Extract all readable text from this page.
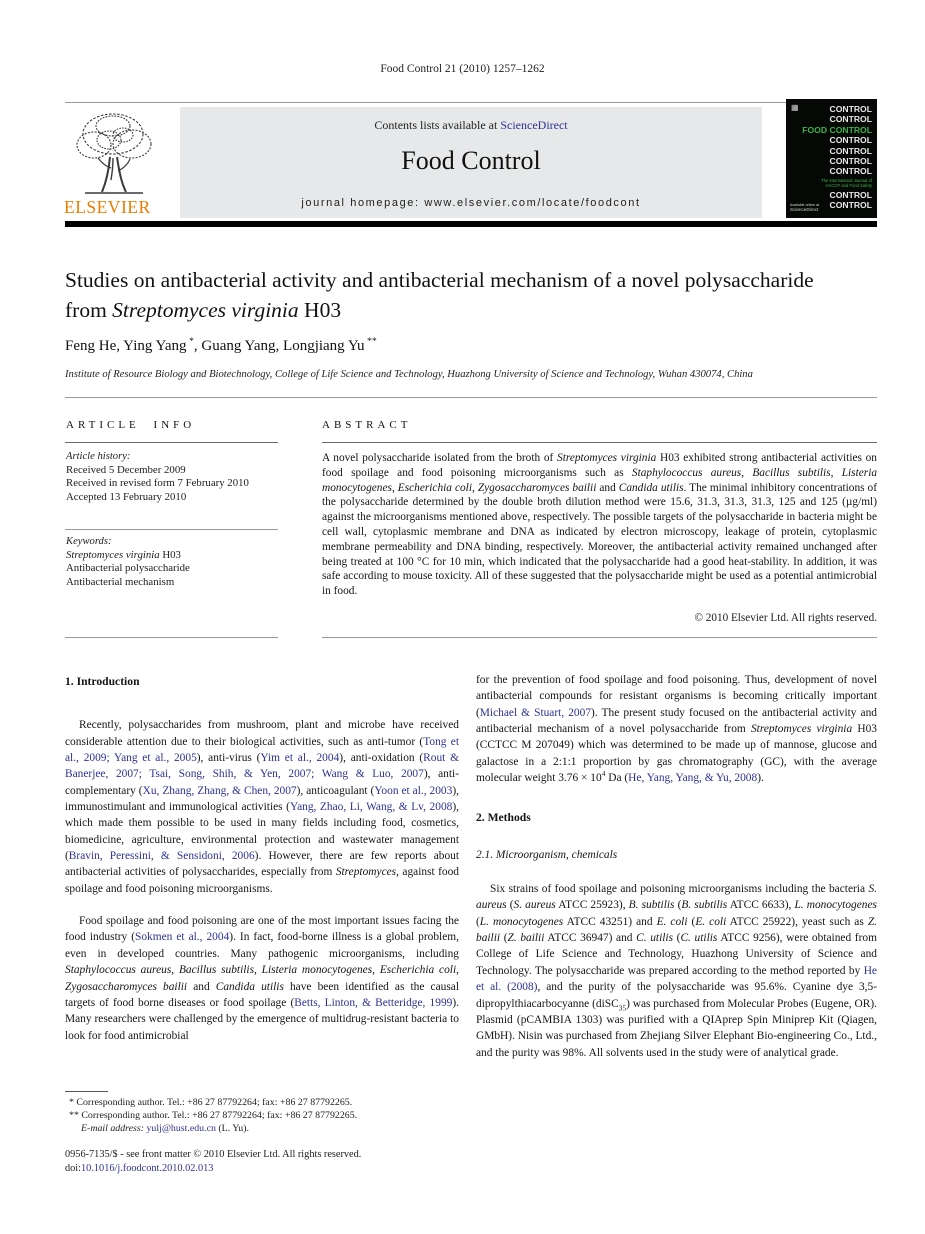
Food Control 21 (2010) 1257–1262
ELSEVIER
Contents lists available at ScienceDirect
Food Control
journal homepage: www.elsevier.com/locate/foodcont
▦	CONTROL
CONTROL
FOOD CONTROL
CONTROL
CONTROL
CONTROL
CONTROL
The International Journal of HACCP and Food Safety
CONTROL
CONTROL
Available online at
ScienceDirect
Studies on antibacterial activity and antibacterial mechanism of a novel polysaccharide from Streptomyces virginia H03
Feng He, Ying Yang *, Guang Yang, Longjiang Yu **
Institute of Resource Biology and Biotechnology, College of Life Science and Technology, Huazhong University of Science and Technology, Wuhan 430074, China
ARTICLE INFO	ABSTRACT
Article history:
Received 5 December 2009
Received in revised form 7 February 2010
Accepted 13 February 2010
Keywords:
Streptomyces virginia H03
Antibacterial polysaccharide
Antibacterial mechanism
A novel polysaccharide isolated from the broth of Streptomyces virginia H03 exhibited strong antibacterial activities on food spoilage and food poisoning microorganisms such as Staphylococcus aureus, Bacillus subtilis, Listeria monocytogenes, Escherichia coli, Zygosaccharomyces bailii and Candida utilis. The minimal inhibitory concentrations of the polysaccharide determined by the double broth dilution method were 15.6, 31.3, 31.3, 31.3, 125 and 125 (µg/ml) against the microorganisms mentioned above, respectively. The possible targets of the polysaccharide in bacteria might be cell wall, cytoplasmic membrane and DNA as indicated by electron microscopy, leakage of protein, cytoplasmic membrane permeability and DNA binding, respectively. Moreover, the antibacterial activity remained unchanged after being treated at 100 °C for 10 min, which indicated that the polysaccharide had a good heat-stability. In addition, it was safe according to mouse toxicity. All of these suggested that the polysaccharide might be used as a potential antimicrobial in food.
© 2010 Elsevier Ltd. All rights reserved.
1. Introduction

Recently, polysaccharides from mushroom, plant and microbe have received considerable attention due to their biological activities, such as anti-tumor (Tong et al., 2009; Yang et al., 2005), anti-virus (Yim et al., 2004), anti-oxidation (Rout & Banerjee, 2007; Tsai, Song, Shih, & Yen, 2007; Wang & Luo, 2007), anti-complementary (Xu, Zhang, Zhang, & Chen, 2007), anticoagulant (Yoon et al., 2003), immunostimulant and immunological activities (Yang, Zhao, Li, Wang, & Lv, 2008), which made them possible to be used in many fields including food, cosmetics, biomedicine, agriculture, environmental protection and wastewater management (Bravin, Peressini, & Sensidoni, 2006). However, there are few reports about antibacterial activities of polysaccharides, especially from Streptomyces, against food spoilage and food poisoning microorganisms.

Food spoilage and food poisoning are one of the most important issues facing the food industry (Sokmen et al., 2004). In fact, food-borne illness is a global problem, even in developed countries. Many pathogenic microorganisms, including Staphylococcus aureus, Bacillus subtilis, Listeria monocytogenes, Escherichia coli, Zygosaccharomyces bailii and Candida utilis have been identified as the causal targets of food borne diseases or food spoilage (Betts, Linton, & Betteridge, 1999). Many researchers were challenged by the emergence of multidrug-resistant bacteria to look for food antimicrobial

for the prevention of food spoilage and food poisoning. Thus, development of novel antibacterial compounds for resistant organisms is becoming critically important (Michael & Stuart, 2007). The present study focused on the antibacterial activity and antibacterial mechanism of a novel polysaccharide from Streptomyces virginia H03 (CCTCC M 207049) which was determined to be made up of mannose, glucose and galactose in a 2:1:1 proportion by gas chromatography (GC), with the average molecular weight $3.76 \times 10^4$ Da (He, Yang, Yang, & Yu, 2008).

2. Methods
2.1. Microorganism, chemicals

Six strains of food spoilage and poisoning microorganisms including the bacteria S. aureus (S. aureus ATCC 25923), B. subtilis (B. subtilis ATCC 6633), L. monocytogenes (L. monocytogenes ATCC 43251) and E. coli (E. coli ATCC 25922), yeast such as Z. bailii (Z. bailii ATCC 36947) and C. utilis (C. utilis ATCC 9256), were obtained from College of Life Science and Technology, Huazhong University of Science and Technology. The polysaccharide was prepared according to the method reported by He et al. (2008), and the purity of the polysaccharide was 95.6%. Cyanine dye 3,5-dipropylthiacarbocyanne (diSC$_{35}$) was purchased from Molecular Probes (Eugene, OR). Plasmid (pCAMBIA 1303) was purified with a QIAprep Spin Miniprep Kit (Qiagen, GMbH). Nisin was purchased from Zhejiang Silver Elephant Bio-engineering Co., Ltd., and the purity was 98%. All solvents used in the study were of analytical grade.

* Corresponding author. Tel.: +86 27 87792264; fax: +86 27 87792265.
** Corresponding author. Tel.: +86 27 87792264; fax: +86 27 87792265.
E-mail address: yulj@hust.edu.cn (L. Yu).
0956-7135/$ - see front matter © 2010 Elsevier Ltd. All rights reserved.
doi:10.1016/j.foodcont.2010.02.013
